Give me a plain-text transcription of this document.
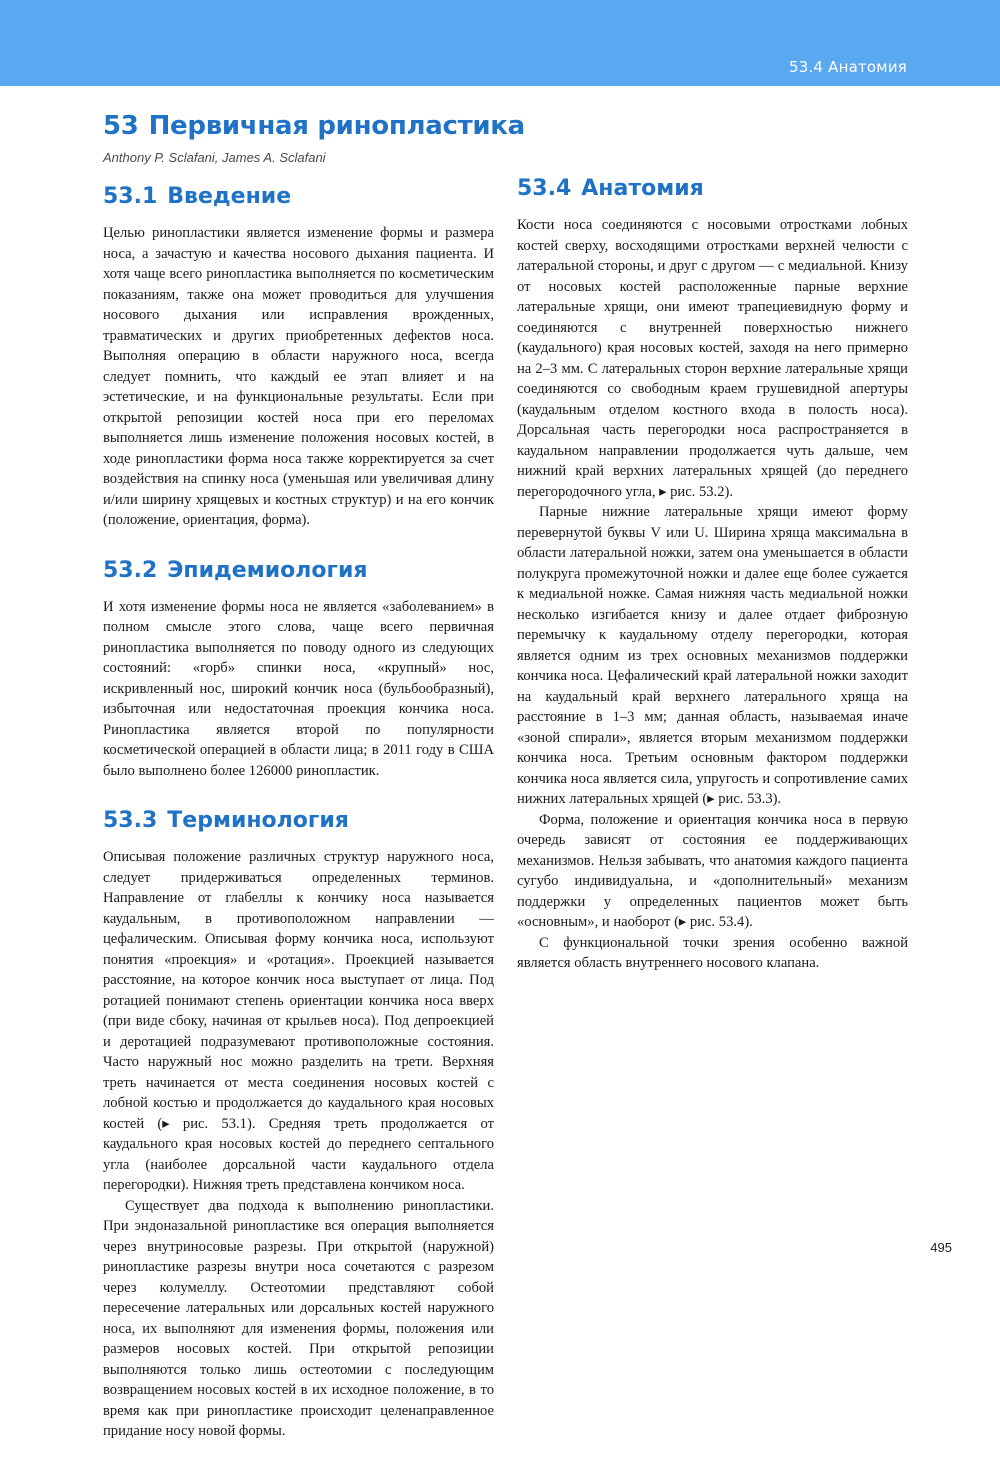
53.4 Анатомия
53 Первичная ринопластика
Anthony P. Sclafani, James A. Sclafani
53.1 Введение

Целью ринопластики является изменение формы и размера носа, а зачастую и качества носового дыхания пациента. И хотя чаще всего ринопластика выполняется по косметическим показаниям, также она может проводиться для улучшения носового дыхания или исправления врожденных, травматических и других приобретенных дефектов носа. Выполняя операцию в области наружного носа, всегда следует помнить, что каждый ее этап влияет и на эстетические, и на функциональные результаты. Если при открытой репозиции костей носа при его переломах выполняется лишь изменение положения носовых костей, в ходе ринопластики форма носа также корректируется за счет воздействия на спинку носа (уменьшая или увеличивая длину и/или ширину хрящевых и костных структур) и на его кончик (положение, ориентация, форма).

53.2 Эпидемиология

И хотя изменение формы носа не является «заболеванием» в полном смысле этого слова, чаще всего первичная ринопластика выполняется по поводу одного из следующих состояний: «горб» спинки носа, «крупный» нос, искривленный нос, широкий кончик носа (бульбообразный), избыточная или недостаточная проекция кончика носа. Ринопластика является второй по популярности косметической операцией в области лица; в 2011 году в США было выполнено более 126000 ринопластик.

53.3 Терминология

Описывая положение различных структур наружного носа, следует придерживаться определенных терминов. Направление от глабеллы к кончику носа называется каудальным, в противоположном направлении — цефалическим. Описывая форму кончика носа, используют понятия «проекция» и «ротация». Проекцией называется расстояние, на которое кончик носа выступает от лица. Под ротацией понимают степень ориентации кончика носа вверх (при виде сбоку, начиная от крыльев носа). Под депроекцией и деротацией подразумевают противоположные состояния. Часто наружный нос можно разделить на трети. Верхняя треть начинается от места соединения носовых костей с лобной костью и продолжается до каудального края носовых костей (▸ рис. 53.1). Средняя треть продолжается от каудального края носовых костей до переднего септального угла (наиболее дорсальной части каудального отдела перегородки). Нижняя треть представлена кончиком носа.

Существует два подхода к выполнению ринопластики. При эндоназальной ринопластике вся операция выполняется через внутриносовые разрезы. При открытой (наружной) ринопластике разрезы внутри носа сочетаются с разрезом через колумеллу. Остеотомии представляют собой пересечение латеральных или дорсальных костей наружного носа, их выполняют для изменения формы, положения или размеров носовых костей. При открытой репозиции выполняются только лишь остеотомии с последующим возвращением носовых костей в их исходное положение, в то время как при ринопластике происходит целенаправленное придание носу новой формы.

53.4 Анатомия

Кости носа соединяются с носовыми отростками лобных костей сверху, восходящими отростками верхней челюсти с латеральной стороны, и друг с другом — с медиальной. Книзу от носовых костей расположенные парные верхние латеральные хрящи, они имеют трапециевидную форму и соединяются с внутренней поверхностью нижнего (каудального) края носовых костей, заходя на него примерно на 2–3 мм. С латеральных сторон верхние латеральные хрящи соединяются со свободным краем грушевидной апертуры (каудальным отделом костного входа в полость носа). Дорсальная часть перегородки носа распространяется в каудальном направлении продолжается чуть дальше, чем нижний край верхних латеральных хрящей (до переднего перегородочного угла, ▸ рис. 53.2).

Парные нижние латеральные хрящи имеют форму перевернутой буквы V или U. Ширина хряща максимальна в области латеральной ножки, затем она уменьшается в области полукруга промежуточной ножки и далее еще более сужается к медиальной ножке. Самая нижняя часть медиальной ножки несколько изгибается книзу и далее отдает фиброзную перемычку к каудальному отделу перегородки, которая является одним из трех основных механизмов поддержки кончика носа. Цефалический край латеральной ножки заходит на каудальный край верхнего латерального хряща на расстояние в 1–3 мм; данная область, называемая иначе «зоной спирали», является вторым механизмом поддержки кончика носа. Третьим основным фактором поддержки кончика носа является сила, упругость и сопротивление самих нижних латеральных хрящей (▸ рис. 53.3).

Форма, положение и ориентация кончика носа в первую очередь зависят от состояния ее поддерживающих механизмов. Нельзя забывать, что анатомия каждого пациента сугубо индивидуальна, и «дополнительный» механизм поддержки у определенных пациентов может быть «основным», и наоборот (▸ рис. 53.4).

С функциональной точки зрения особенно важной является область внутреннего носового клапана.

495
